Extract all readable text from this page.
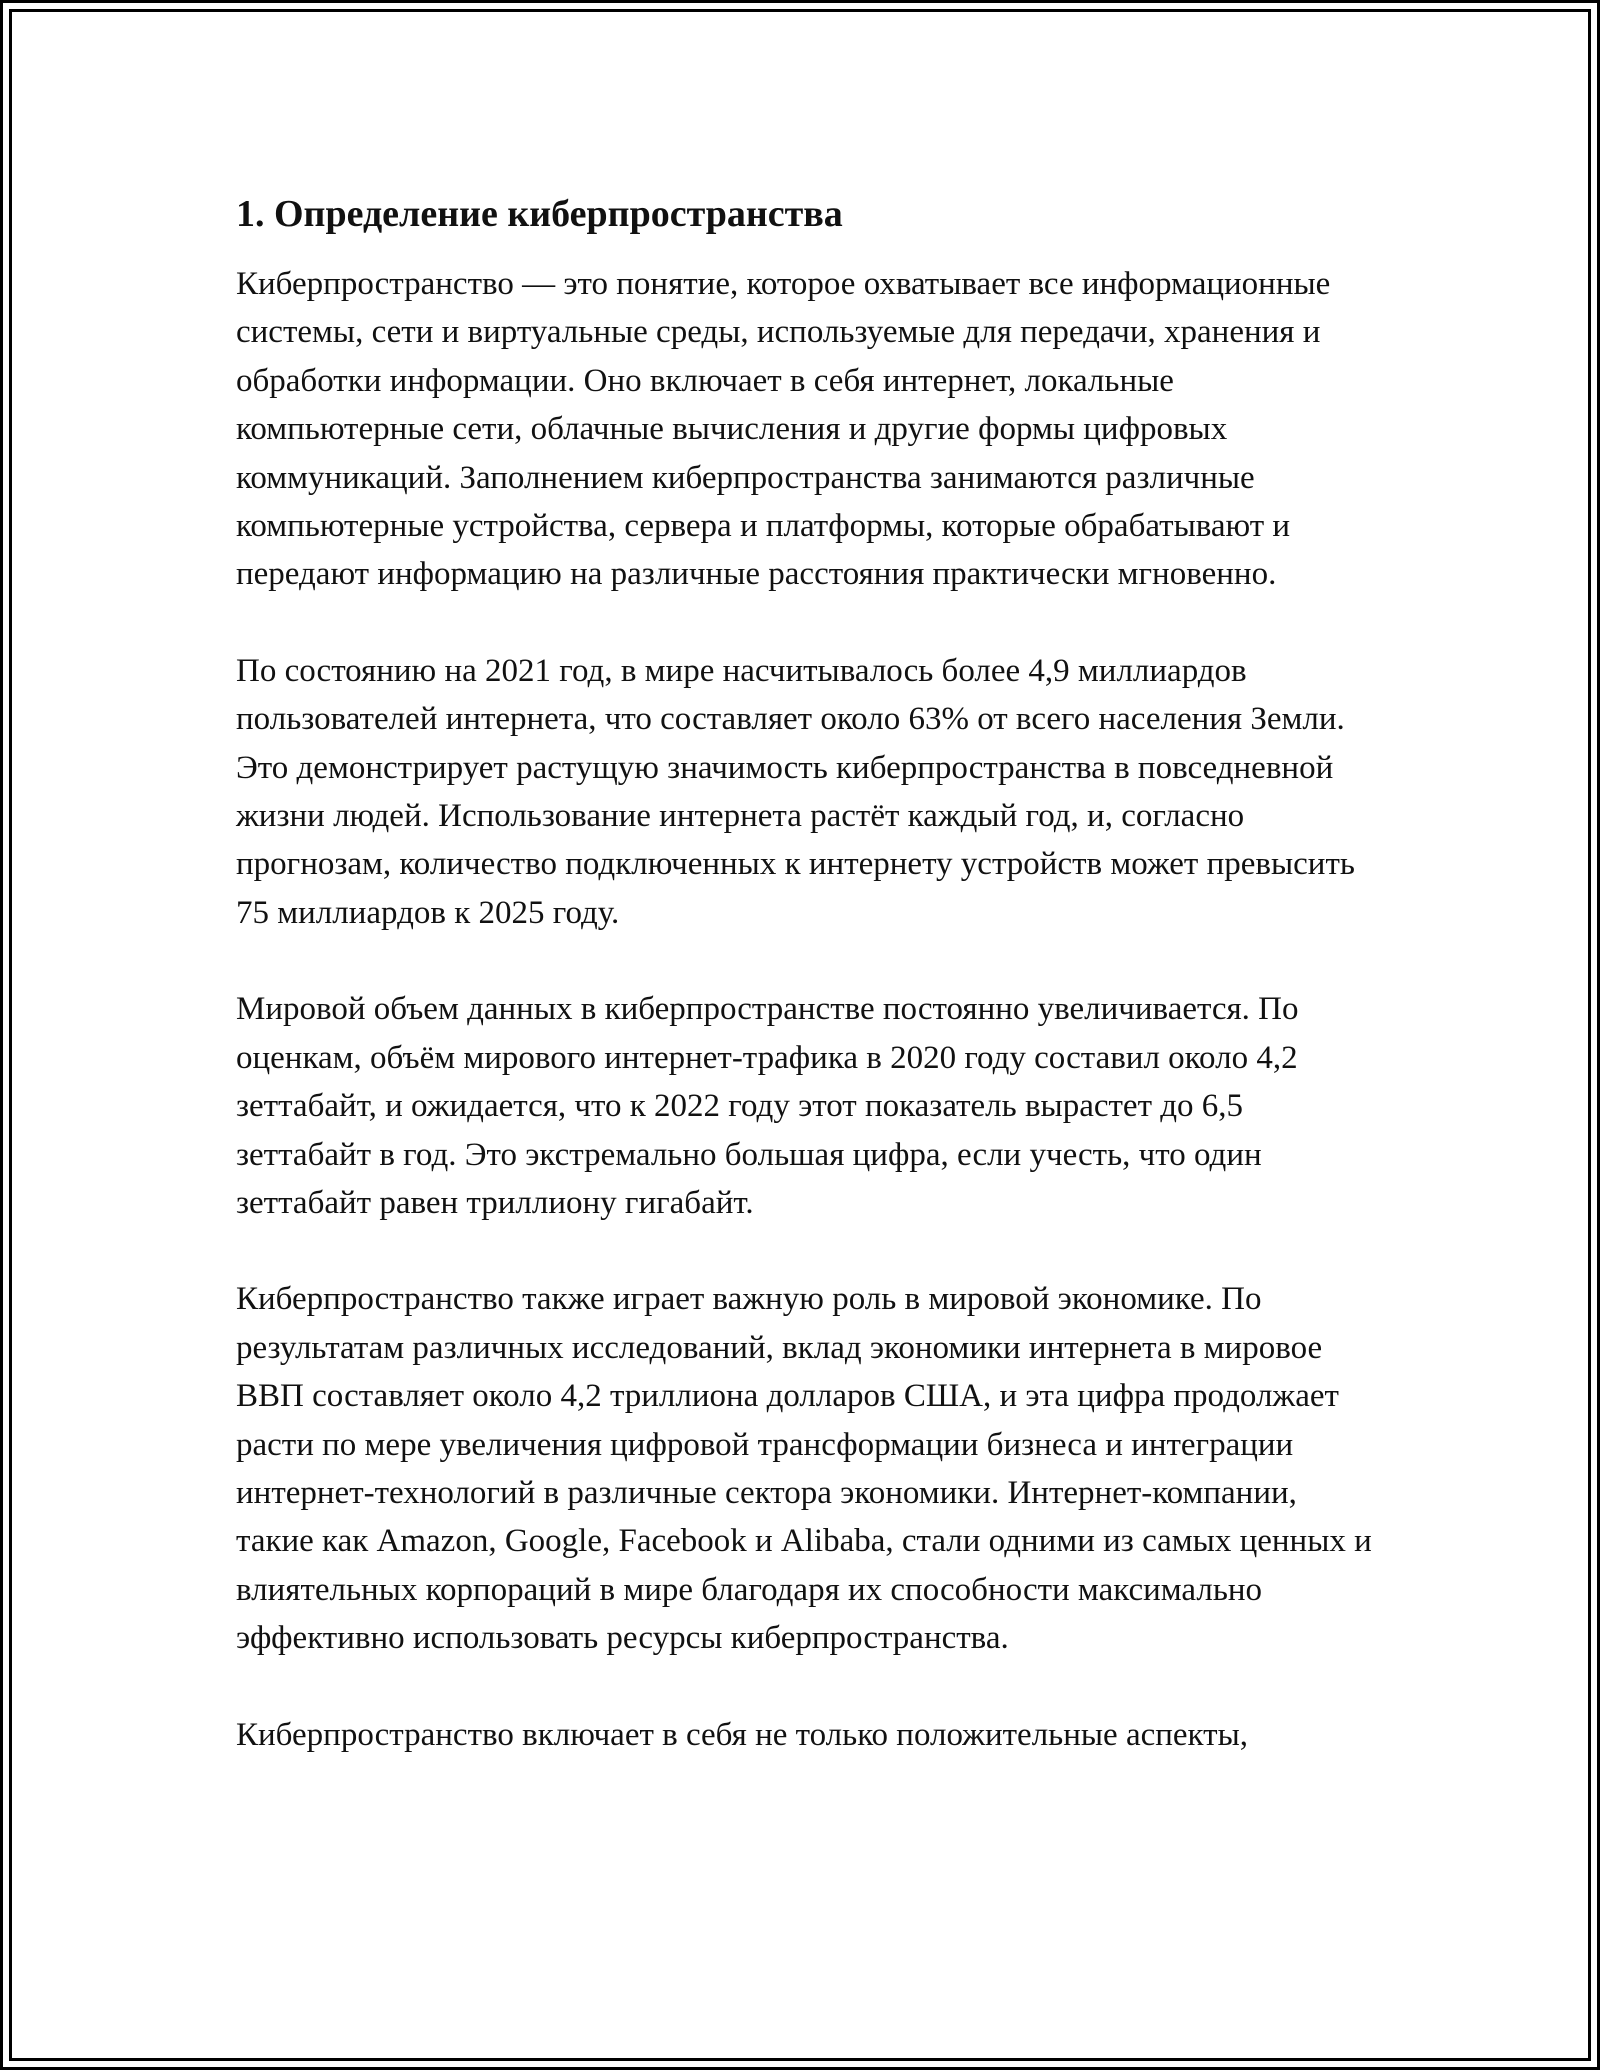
1. Определение киберпространства

Киберпространство — это понятие, которое охватывает все информационные системы, сети и виртуальные среды, используемые для передачи, хранения и обработки информации. Оно включает в себя интернет, локальные компьютерные сети, облачные вычисления и другие формы цифровых коммуникаций. Заполнением киберпространства занимаются различные компьютерные устройства, сервера и платформы, которые обрабатывают и передают информацию на различные расстояния практически мгновенно.

По состоянию на 2021 год, в мире насчитывалось более 4,9 миллиардов пользователей интернета, что составляет около 63% от всего населения Земли. Это демонстрирует растущую значимость киберпространства в повседневной жизни людей. Использование интернета растёт каждый год, и, согласно прогнозам, количество подключенных к интернету устройств может превысить 75 миллиардов к 2025 году.

Мировой объем данных в киберпространстве постоянно увеличивается. По оценкам, объём мирового интернет-трафика в 2020 году составил около 4,2 зеттабайт, и ожидается, что к 2022 году этот показатель вырастет до 6,5 зеттабайт в год. Это экстремально большая цифра, если учесть, что один зеттабайт равен триллиону гигабайт.

Киберпространство также играет важную роль в мировой экономике. По результатам различных исследований, вклад экономики интернета в мировое ВВП составляет около 4,2 триллиона долларов США, и эта цифра продолжает расти по мере увеличения цифровой трансформации бизнеса и интеграции интернет-технологий в различные сектора экономики. Интернет-компании, такие как Amazon, Google, Facebook и Alibaba, стали одними из самых ценных и влиятельных корпораций в мире благодаря их способности максимально эффективно использовать ресурсы киберпространства.

Киберпространство включает в себя не только положительные аспекты,
